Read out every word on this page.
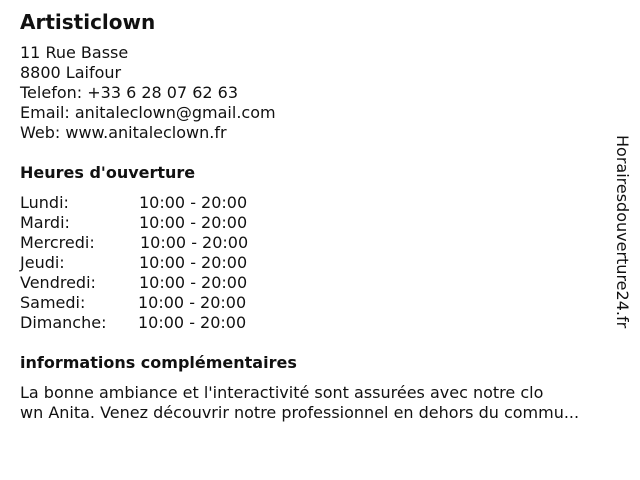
Artisticlown
11 Rue Basse
8800 Laifour
Telefon: +33 6 28 07 62 63
Email: anitaleclown@gmail.com
Web: www.anitaleclown.fr
Heures d'ouverture
Lundi:	10:00 - 20:00
Mardi:	10:00 - 20:00
Mercredi:	10:00 - 20:00
Jeudi:	10:00 - 20:00
Vendredi:	10:00 - 20:00
Samedi:	10:00 - 20:00
Dimanche: 10:00 - 20:00
informations complémentaires
La bonne ambiance et l'interactivité sont assurées avec notre clo
wn Anita. Venez découvrir notre professionnel en dehors du commu...
Horairesdouverture24.fr
